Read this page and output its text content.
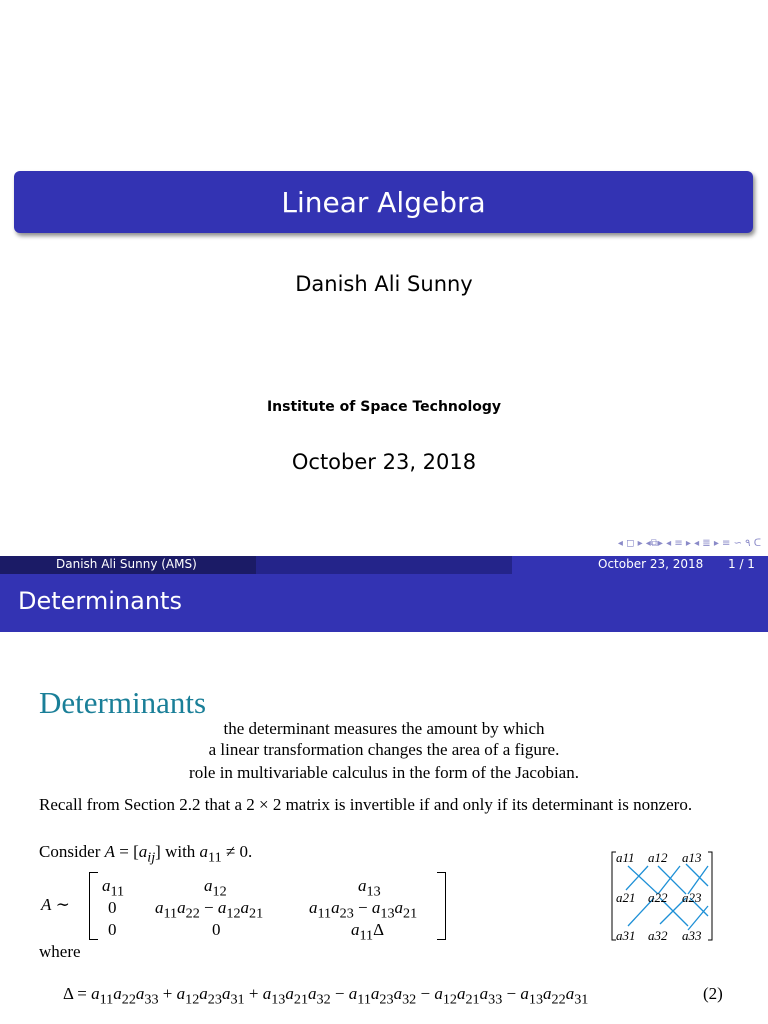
Linear Algebra
Danish Ali Sunny
Institute of Space Technology
October 23, 2018
◂ ◻ ▸ ◂⧉▸ ◂ ≡ ▸ ◂ ≣ ▸ ≡ ∽ ۹ ᑕ
Danish Ali Sunny (AMS)	October 23, 2018 1 / 1
Determinants
Determinants
the determinant measures the amount by which
a linear transformation changes the area of a figure.
role in multivariable calculus in the form of the Jacobian.
Recall from Section 2.2 that a 2 × 2 matrix is invertible if and only if its determinant is nonzero.
Consider $A = [a_{ij}]$ with $a_{11} \ne 0$.
A ∼
$a_{11}$	$a_{12}$	$a_{13}$
0 $a_{11}a_{22} - a_{12}a_{21}$	$a_{11}a_{23} - a_{13}a_{21}$
0	0	$a_{11}\Delta$
where
$\Delta = a_{11}a_{22}a_{33} + a_{12}a_{23}a_{31} + a_{13}a_{21}a_{32} - a_{11}a_{23}a_{32} - a_{12}a_{21}a_{33} - a_{13}a_{22}a_{31}$	(2)
a11 a12 a13
a21 a22 a23
a31 a32 a33
